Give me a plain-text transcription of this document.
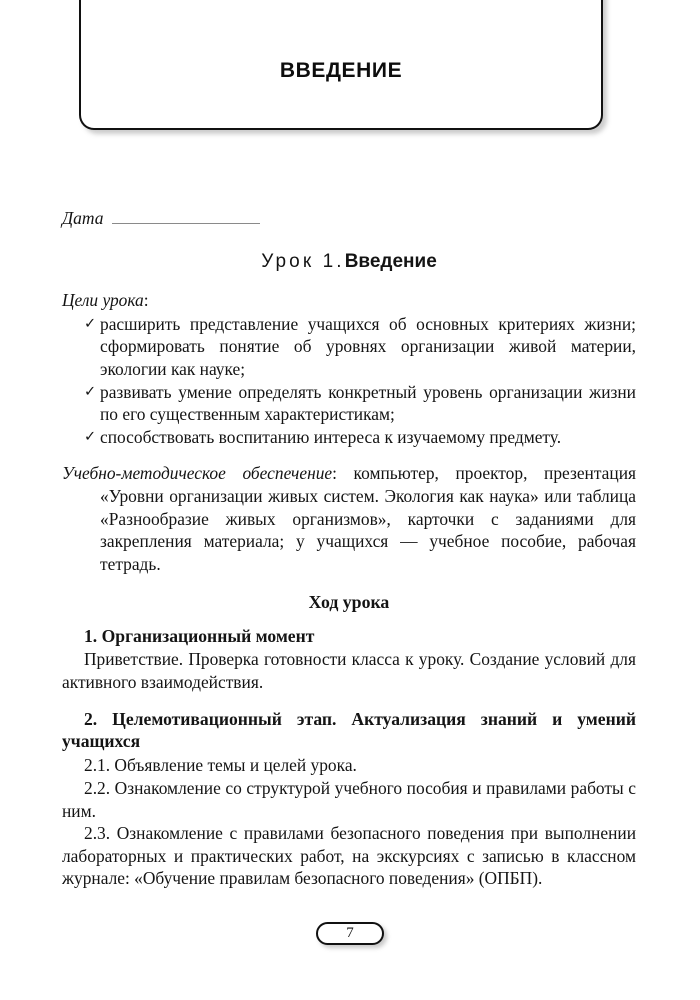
ВВЕДЕНИЕ
Дата
Урок 1.Введение

Цели урока:

✓ расширить представление учащихся об основных критериях жизни; сформировать понятие об уровнях организации живой материи, экологии как науке;
✓ развивать умение определять конкретный уровень организации жизни по его существенным характеристикам;
✓ способствовать воспитанию интереса к изучаемому предмету.

Учебно-методическое обеспечение: компьютер, проектор, презентация «Уровни организации живых систем. Экология как наука» или таблица «Разнообразие живых организмов», карточки с заданиями для закрепления материала; у учащихся — учебное пособие, рабочая тетрадь.

Ход урока
1. Организационный момент

Приветствие. Проверка готовности класса к уроку. Создание условий для активного взаимодействия.

2. Целемотивационный этап. Актуализация знаний и умений учащихся

2.1. Объявление темы и целей урока.

2.2. Ознакомление со структурой учебного пособия и правилами работы с ним.

2.3. Ознакомление с правилами безопасного поведения при выполнении лабораторных и практических работ, на экскурсиях с записью в классном журнале: «Обучение правилам безопасного поведения» (ОПБП).

7
